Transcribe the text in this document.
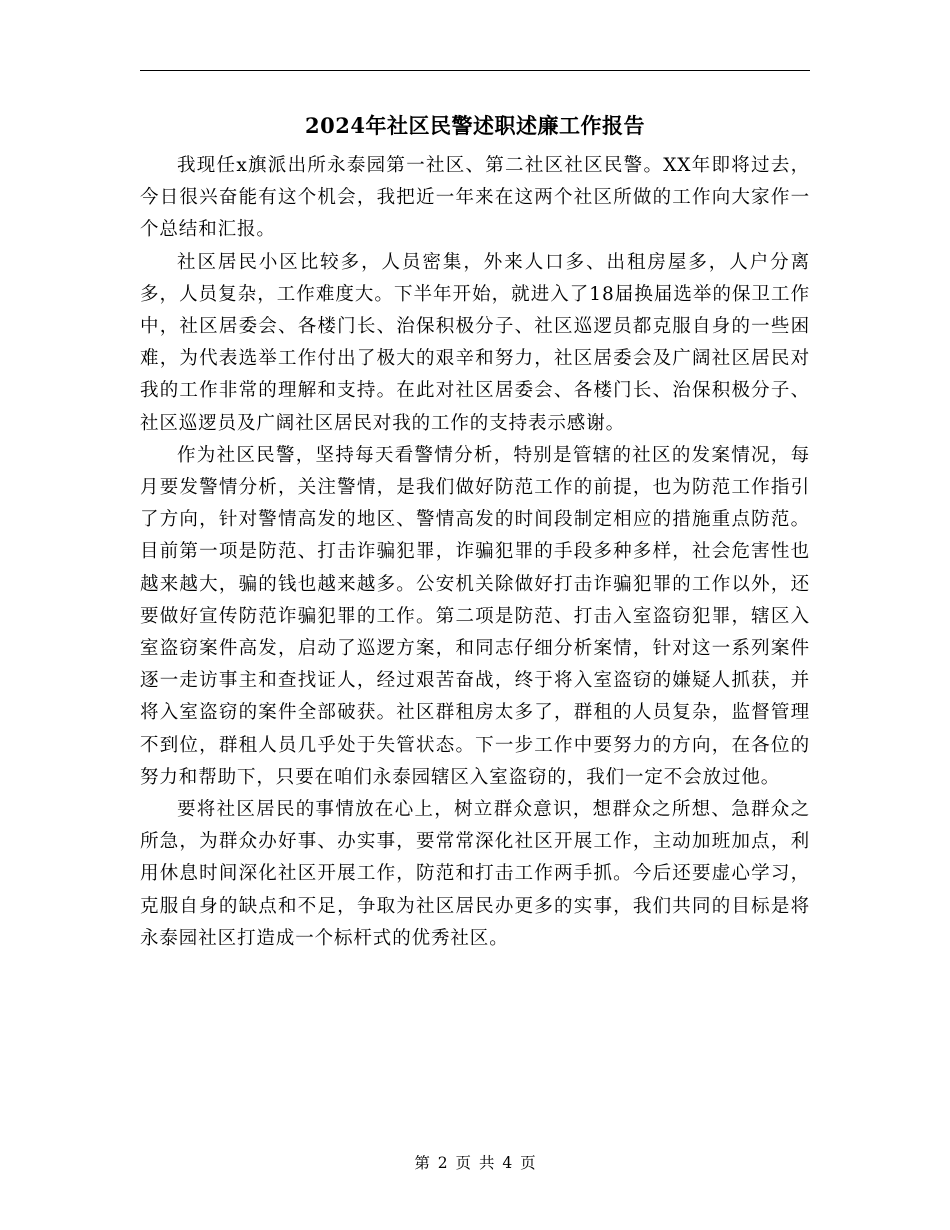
2024年社区民警述职述廉工作报告

我现任x旗派出所永泰园第一社区、第二社区社区民警。XX年即将过去，今日很兴奋能有这个机会，我把近一年来在这两个社区所做的工作向大家作一个总结和汇报。

社区居民小区比较多，人员密集，外来人口多、出租房屋多，人户分离多，人员复杂，工作难度大。下半年开始，就进入了18届换届选举的保卫工作中，社区居委会、各楼门长、治保积极分子、社区巡逻员都克服自身的一些困难，为代表选举工作付出了极大的艰辛和努力，社区居委会及广阔社区居民对我的工作非常的理解和支持。在此对社区居委会、各楼门长、治保积极分子、社区巡逻员及广阔社区居民对我的工作的支持表示感谢。

作为社区民警，坚持每天看警情分析，特别是管辖的社区的发案情况，每月要发警情分析，关注警情，是我们做好防范工作的前提，也为防范工作指引了方向，针对警情高发的地区、警情高发的时间段制定相应的措施重点防范。目前第一项是防范、打击诈骗犯罪，诈骗犯罪的手段多种多样，社会危害性也越来越大，骗的钱也越来越多。公安机关除做好打击诈骗犯罪的工作以外，还要做好宣传防范诈骗犯罪的工作。第二项是防范、打击入室盗窃犯罪，辖区入室盗窃案件高发，启动了巡逻方案，和同志仔细分析案情，针对这一系列案件逐一走访事主和查找证人，经过艰苦奋战，终于将入室盗窃的嫌疑人抓获，并将入室盗窃的案件全部破获。社区群租房太多了，群租的人员复杂，监督管理不到位，群租人员几乎处于失管状态。下一步工作中要努力的方向，在各位的努力和帮助下，只要在咱们永泰园辖区入室盗窃的，我们一定不会放过他。

要将社区居民的事情放在心上，树立群众意识，想群众之所想、急群众之所急，为群众办好事、办实事，要常常深化社区开展工作，主动加班加点，利用休息时间深化社区开展工作，防范和打击工作两手抓。今后还要虚心学习，克服自身的缺点和不足，争取为社区居民办更多的实事，我们共同的目标是将永泰园社区打造成一个标杆式的优秀社区。

第 2 页 共 4 页
